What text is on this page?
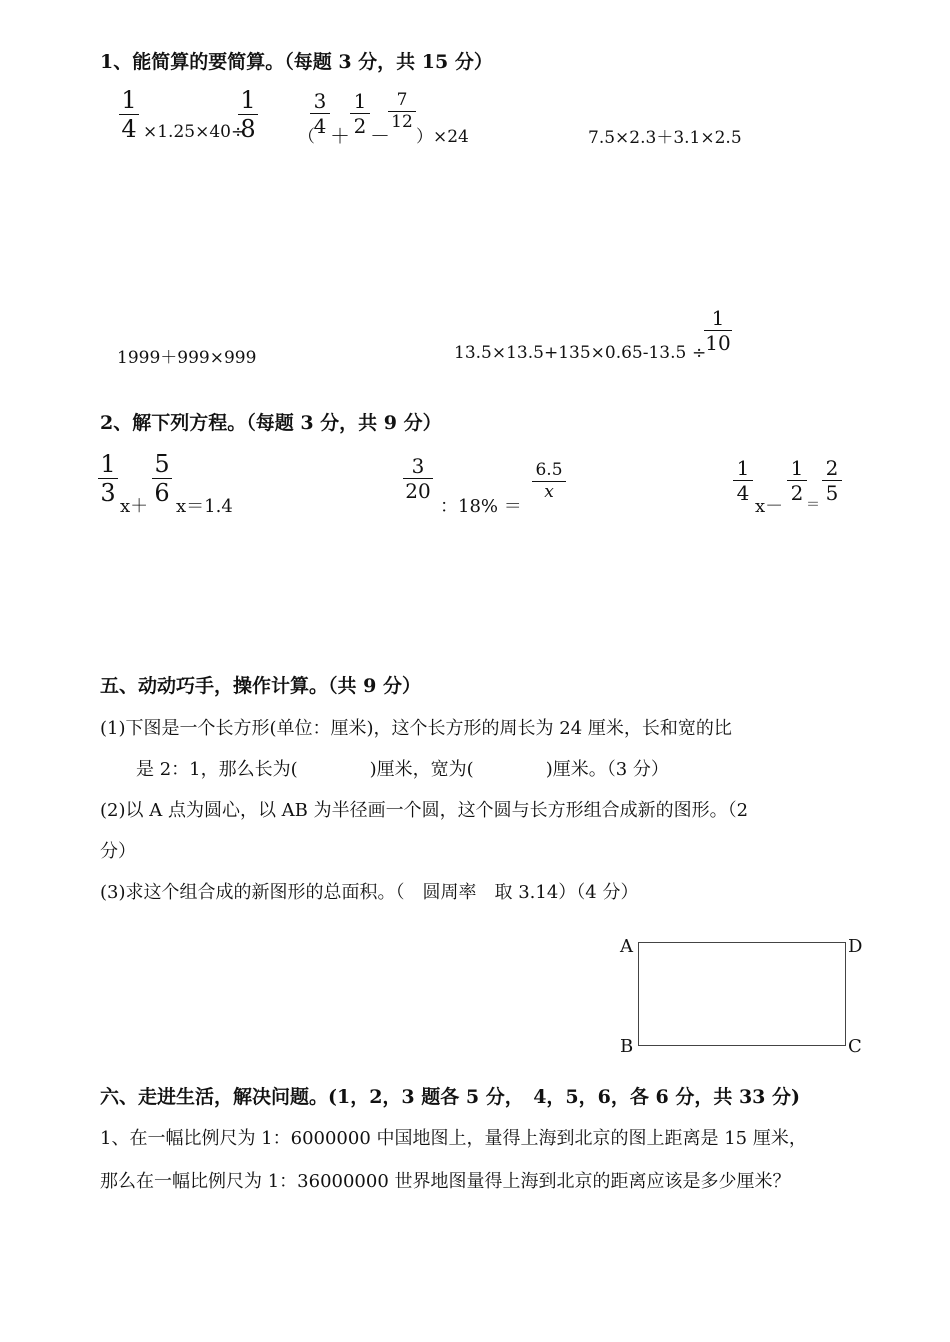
1、能简算的要简算。（每题 3 分，共 15 分）
1
4 ×1.25×40÷
1
8 （
3
4 ＋
1
2 －
7
12
）×24	7.5×2.3＋3.1×2.5
1999＋999×999	13.5×13.5+135×0.65-13.5 ÷
1
10
2、解下列方程。（每题 3 分，共 9 分）
1
3 x＋
5
6 x＝1.4
3
20
：18% ＝
6.5
x
1
4
x－
1
2 ＝
2
5
五、动动巧手，操作计算。（共 9 分）
(1)下图是一个长方形(单位：厘米)，这个长方形的周长为 24 厘米，长和宽的比
是 2：1，那么长为(　　　　)厘米，宽为(　　　　)厘米。（3 分）
(2)以 A 点为圆心，以 AB 为半径画一个圆，这个圆与长方形组合成新的图形。（2
分）
(3)求这个组合成的新图形的总面积。（　圆周率　取 3.14）（4 分）
A	D
B	C
六、走进生活，解决问题。(1，2，3 题各 5 分，　4，5，6，各 6 分，共 33 分)
1、在一幅比例尺为 1：6000000 中国地图上，量得上海到北京的图上距离是 15 厘米，
那么在一幅比例尺为 1：36000000 世界地图量得上海到北京的距离应该是多少厘米？
